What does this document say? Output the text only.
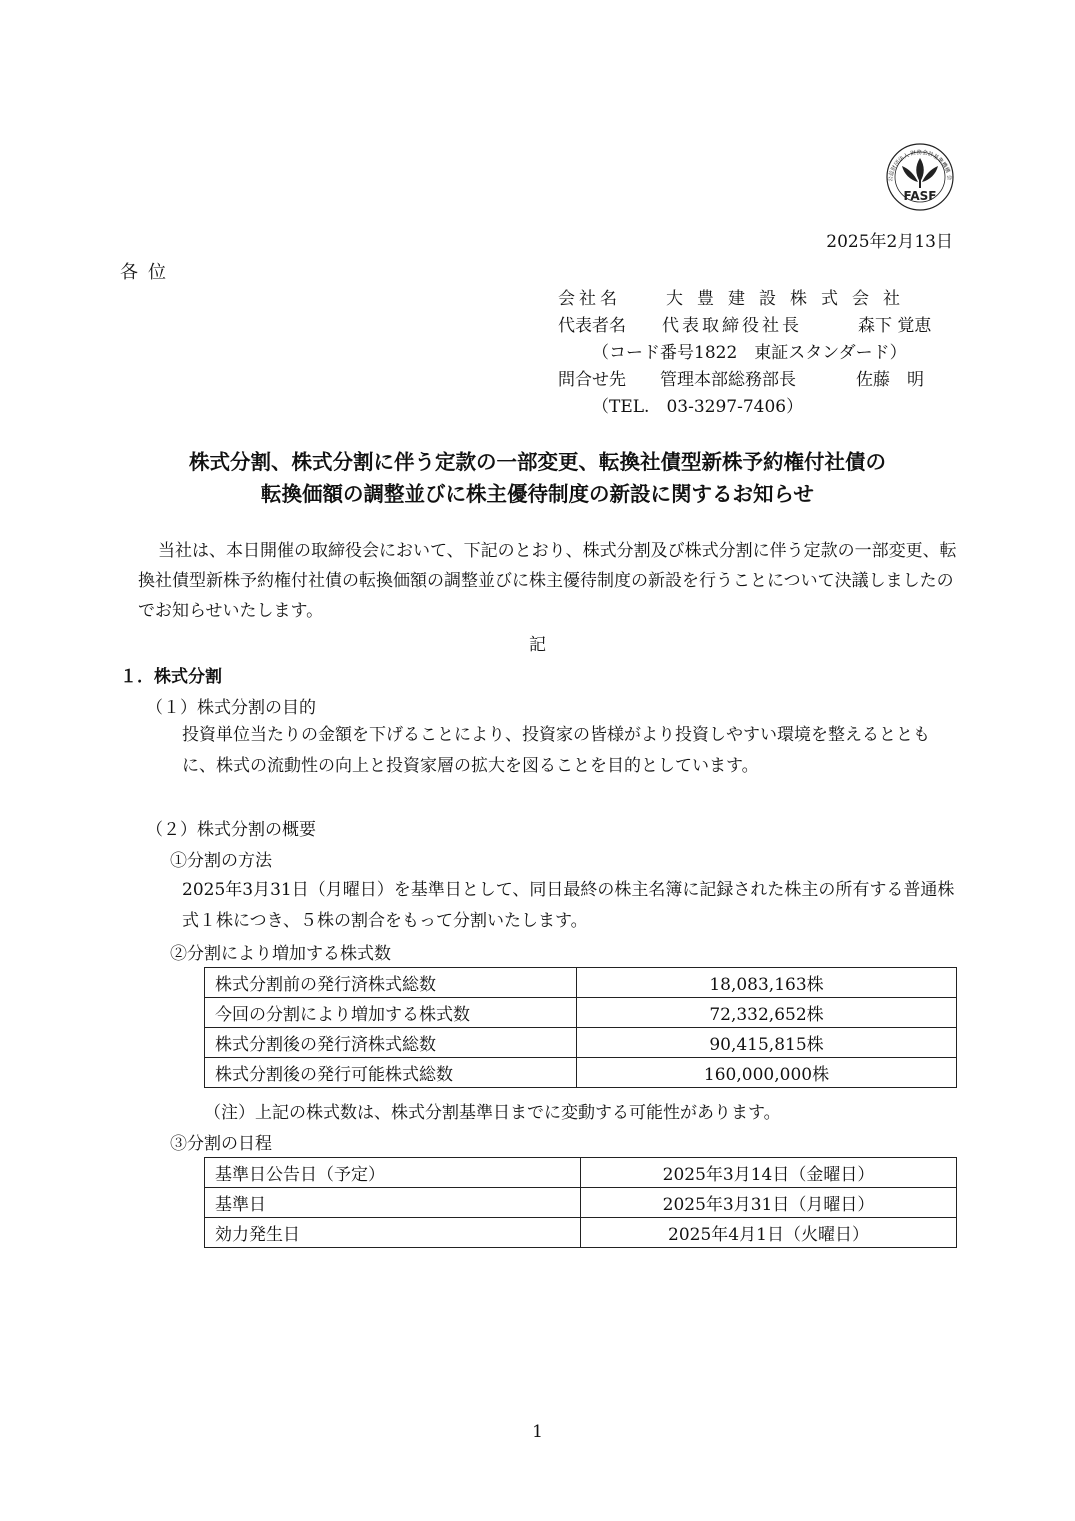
公益財団法人 財務会計基準機構 会
FASF
2025年2月13日
各位
会社名	大豊建設株式会社
代表者名	代表取締役社長	森下 覚恵
（コード番号1822　東証スタンダード）
問合せ先	管理本部総務部長	佐藤　明
（TEL.　03-3297-7406）
株式分割、株式分割に伴う定款の一部変更、転換社債型新株予約権付社債の
転換価額の調整並びに株主優待制度の新設に関するお知らせ

当社は、本日開催の取締役会において、下記のとおり、株式分割及び株式分割に伴う定款の一部変更、転換社債型新株予約権付社債の転換価額の調整並びに株主優待制度の新設を行うことについて決議しましたのでお知らせいたします。

記
１．株式分割
（１）株式分割の目的
投資単位当たりの金額を下げることにより、投資家の皆様がより投資しやすい環境を整えるとともに、株式の流動性の向上と投資家層の拡大を図ることを目的としています。
（２）株式分割の概要
①分割の方法
2025年3月31日（月曜日）を基準日として、同日最終の株主名簿に記録された株主の所有する普通株式１株につき、５株の割合をもって分割いたします。
②分割により増加する株式数
株式分割前の発行済株式総数	18,083,163株
今回の分割により増加する株式数	72,332,652株
株式分割後の発行済株式総数	90,415,815株
株式分割後の発行可能株式総数	160,000,000株
（注）上記の株式数は、株式分割基準日までに変動する可能性があります。
③分割の日程
基準日公告日（予定）	2025年3月14日（金曜日）
基準日	2025年3月31日（月曜日）
効力発生日	2025年4月1日（火曜日）
1
